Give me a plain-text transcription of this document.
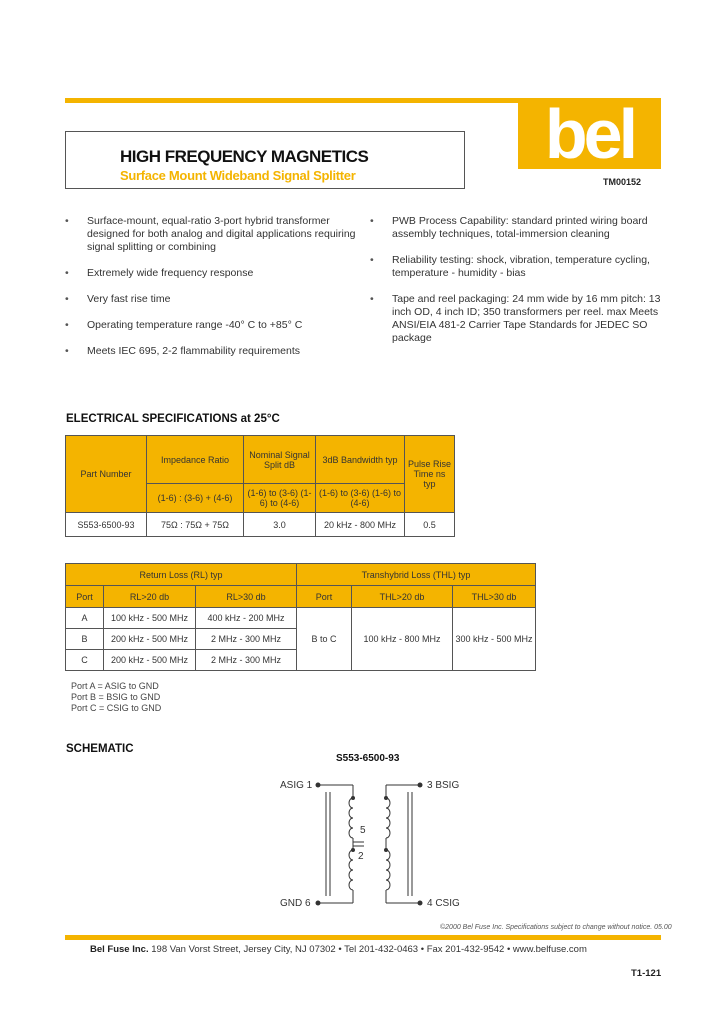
bel
HIGH FREQUENCY MAGNETICS
Surface Mount Wideband Signal Splitter	TM00152
• Surface-mount, equal-ratio 3-port hybrid transformer designed for both analog and digital applications requiring signal splitting or combining
• Extremely wide frequency response
• Very fast rise time
• Operating temperature range -40° C to +85° C
• Meets IEC 695, 2-2 flammability requirements
• PWB Process Capability: standard printed wiring board assembly techniques, total-immersion cleaning
• Reliability testing: shock, vibration, temperature cycling, temperature - humidity - bias
• Tape and reel packaging: 24 mm wide by 16 mm pitch: 13 inch OD, 4 inch ID; 350 transformers per reel. max Meets ANSI/EIA 481-2 Carrier Tape Standards for JEDEC SO package
ELECTRICAL SPECIFICATIONS at 25°C
Part Number	Impedance Ratio	Nominal Signal Split dB	3dB Bandwidth typ	Pulse Rise Time ns typ
	(1-6) : (3-6) + (4-6)	(1-6) to (3-6) (1-6) to (4-6)	(1-6) to (3-6) (1-6) to (4-6)	
S553-6500-93	75Ω : 75Ω + 75Ω	3.0	20 kHz - 800 MHz	0.5
Return Loss (RL) typ			Transhybrid Loss (THL) typ		
Port	RL>20 db	RL>30 db	Port	THL>20 db	THL>30 db
A	100 kHz - 500 MHz	400 kHz - 200 MHz	B to C	100 kHz - 800 MHz	300 kHz - 500 MHz
B	200 kHz - 500 MHz	2 MHz - 300 MHz			
C	200 kHz - 500 MHz	2 MHz - 300 MHz			
Port A = ASIG to GND
Port B = BSIG to GND
Port C = CSIG to GND
SCHEMATIC
S553-6500-93
ASIG 1	3 BSIG
GND 6	4 CSIG
5
2
©2000 Bel Fuse Inc. Specifications subject to change without notice. 05.00
Bel Fuse Inc. 198 Van Vorst Street, Jersey City, NJ 07302 • Tel 201-432-0463 • Fax 201-432-9542 • www.belfuse.com
T1-121
